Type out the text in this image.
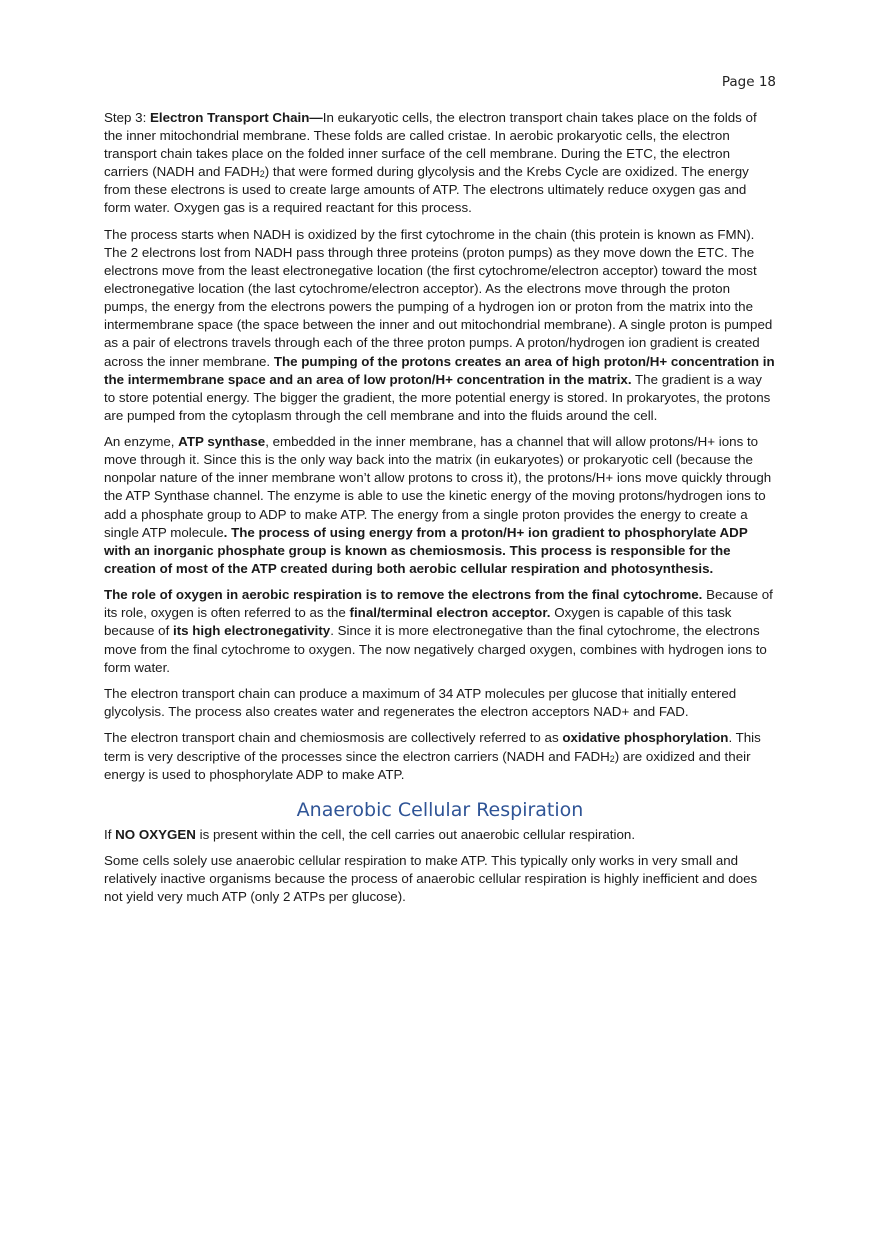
Page 18

Step 3: Electron Transport Chain—In eukaryotic cells, the electron transport chain takes place on the folds of the inner mitochondrial membrane. These folds are called cristae. In aerobic prokaryotic cells, the electron transport chain takes place on the folded inner surface of the cell membrane. During the ETC, the electron carriers (NADH and $FADH_2$) that were formed during glycolysis and the Krebs Cycle are oxidized. The energy from these electrons is used to create large amounts of ATP. The electrons ultimately reduce oxygen gas and form water. Oxygen gas is a required reactant for this process.

The process starts when NADH is oxidized by the first cytochrome in the chain (this protein is known as FMN). The 2 electrons lost from NADH pass through three proteins (proton pumps) as they move down the ETC. The electrons move from the least electronegative location (the first cytochrome/electron acceptor) toward the most electronegative location (the last cytochrome/electron acceptor). As the electrons move through the proton pumps, the energy from the electrons powers the pumping of a hydrogen ion or proton from the matrix into the intermembrane space (the space between the inner and out mitochondrial membrane). A single proton is pumped as a pair of electrons travels through each of the three proton pumps. A proton/hydrogen ion gradient is created across the inner membrane. The pumping of the protons creates an area of high proton/H+ concentration in the intermembrane space and an area of low proton/H+ concentration in the matrix. The gradient is a way to store potential energy. The bigger the gradient, the more potential energy is stored. In prokaryotes, the protons are pumped from the cytoplasm through the cell membrane and into the fluids around the cell.

An enzyme, ATP synthase, embedded in the inner membrane, has a channel that will allow protons/H+ ions to move through it. Since this is the only way back into the matrix (in eukaryotes) or prokaryotic cell (because the nonpolar nature of the inner membrane won’t allow protons to cross it), the protons/H+ ions move quickly through the ATP Synthase channel. The enzyme is able to use the kinetic energy of the moving protons/hydrogen ions to add a phosphate group to ADP to make ATP. The energy from a single proton provides the energy to create a single ATP molecule. The process of using energy from a proton/H+ ion gradient to phosphorylate ADP with an inorganic phosphate group is known as chemiosmosis. This process is responsible for the creation of most of the ATP created during both aerobic cellular respiration and photosynthesis.

The role of oxygen in aerobic respiration is to remove the electrons from the final cytochrome. Because of its role, oxygen is often referred to as the final/terminal electron acceptor. Oxygen is capable of this task because of its high electronegativity. Since it is more electronegative than the final cytochrome, the electrons move from the final cytochrome to oxygen. The now negatively charged oxygen, combines with hydrogen ions to form water.

The electron transport chain can produce a maximum of 34 ATP molecules per glucose that initially entered glycolysis. The process also creates water and regenerates the electron acceptors NAD+ and FAD.

The electron transport chain and chemiosmosis are collectively referred to as oxidative phosphorylation. This term is very descriptive of the processes since the electron carriers (NADH and $FADH_2$) are oxidized and their energy is used to phosphorylate ADP to make ATP.

Anaerobic Cellular Respiration

If NO OXYGEN is present within the cell, the cell carries out anaerobic cellular respiration.

Some cells solely use anaerobic cellular respiration to make ATP. This typically only works in very small and relatively inactive organisms because the process of anaerobic cellular respiration is highly inefficient and does not yield very much ATP (only 2 ATPs per glucose).
